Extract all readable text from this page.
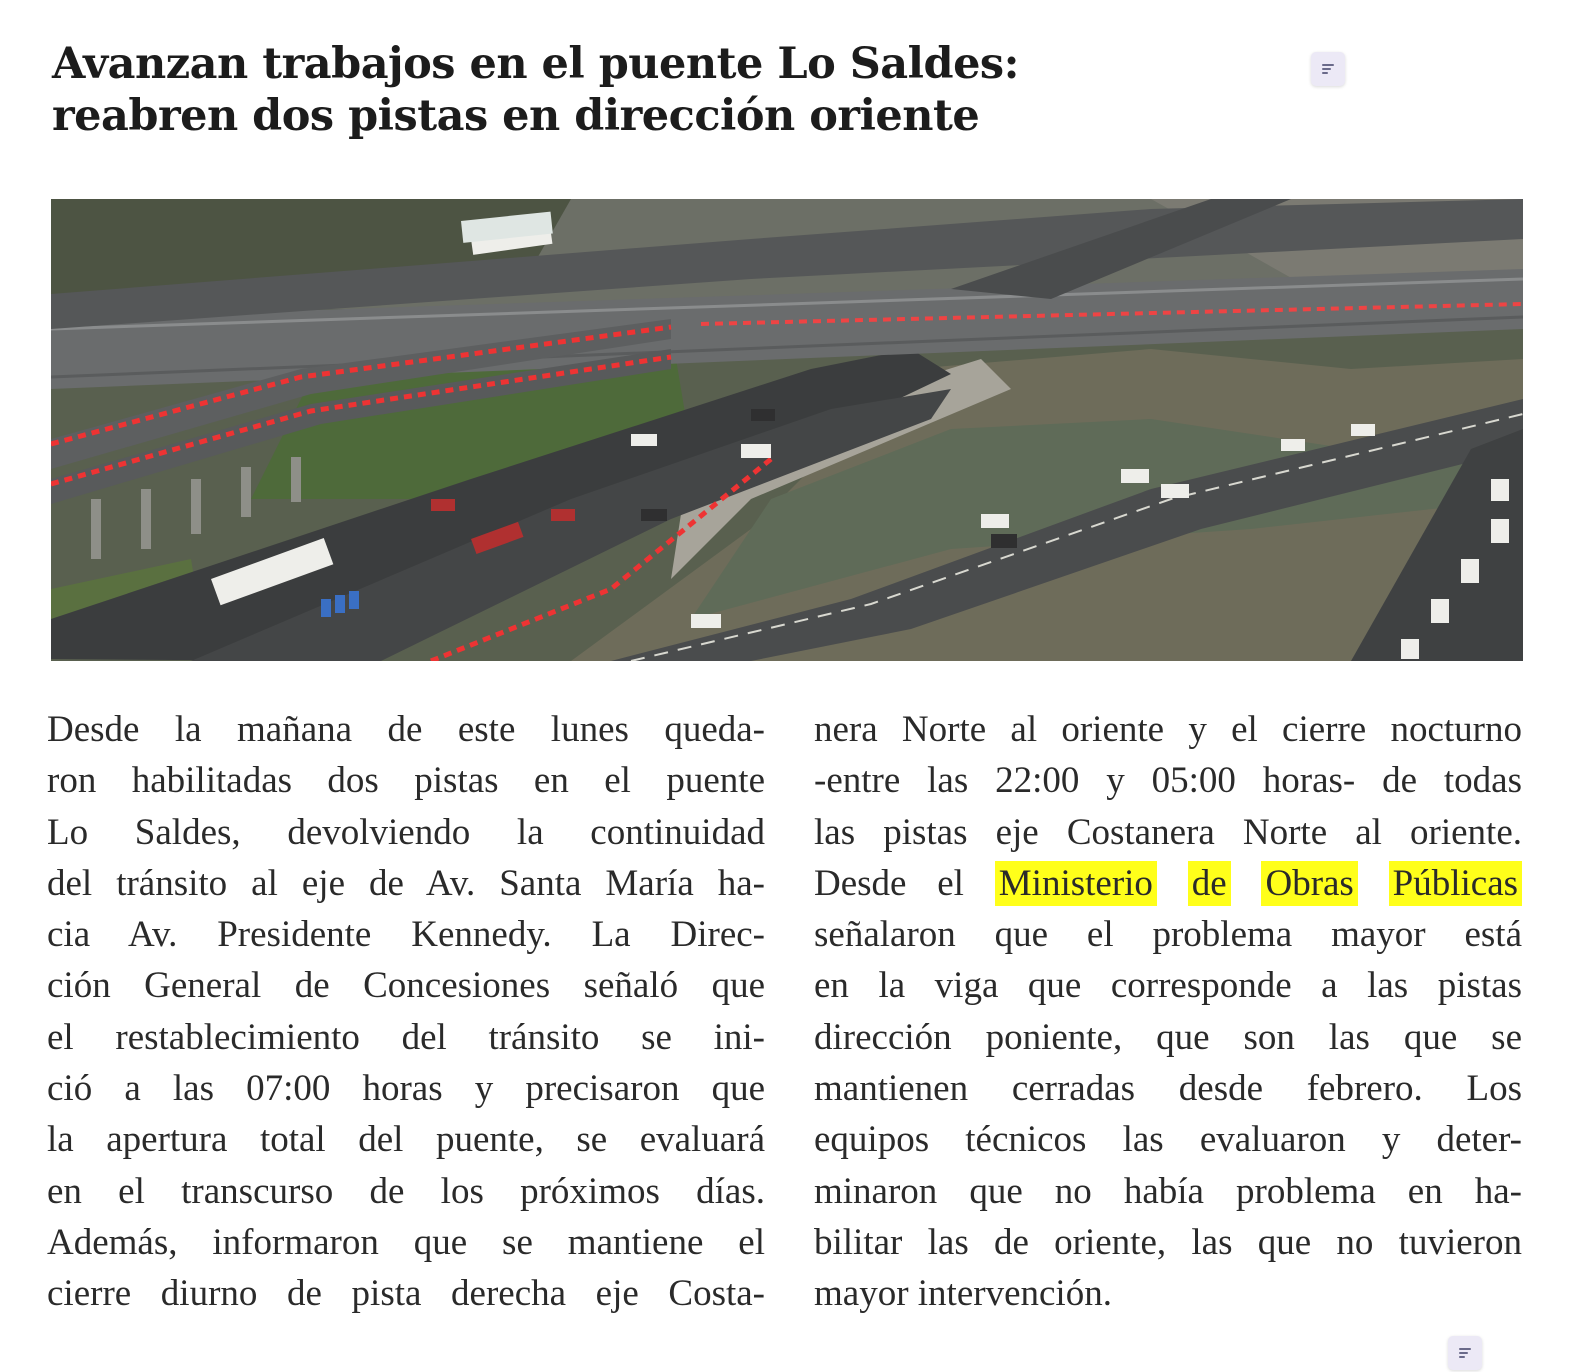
Avanzan trabajos en el puente Lo Saldes:
reabren dos pistas en dirección oriente
Desde la mañana de este lunes queda-
ron habilitadas dos pistas en el puente
Lo Saldes, devolviendo la continuidad
del tránsito al eje de Av. Santa María ha-
cia Av. Presidente Kennedy. La Direc-
ción General de Concesiones señaló que
el restablecimiento del tránsito se ini-
ció a las 07:00 horas y precisaron que
la apertura total del puente, se evaluará
en el transcurso de los próximos días.
Además, informaron que se mantiene el
cierre diurno de pista derecha eje Costa-
nera Norte al oriente y el cierre nocturno
-entre las 22:00 y 05:00 horas- de todas
las pistas eje Costanera Norte al oriente.
Desde el Ministerio de Obras Públicas
señalaron que el problema mayor está
en la viga que corresponde a las pistas
dirección poniente, que son las que se
mantienen cerradas desde febrero. Los
equipos técnicos las evaluaron y deter-
minaron que no había problema en ha-
bilitar las de oriente, las que no tuvieron
mayor intervención.
